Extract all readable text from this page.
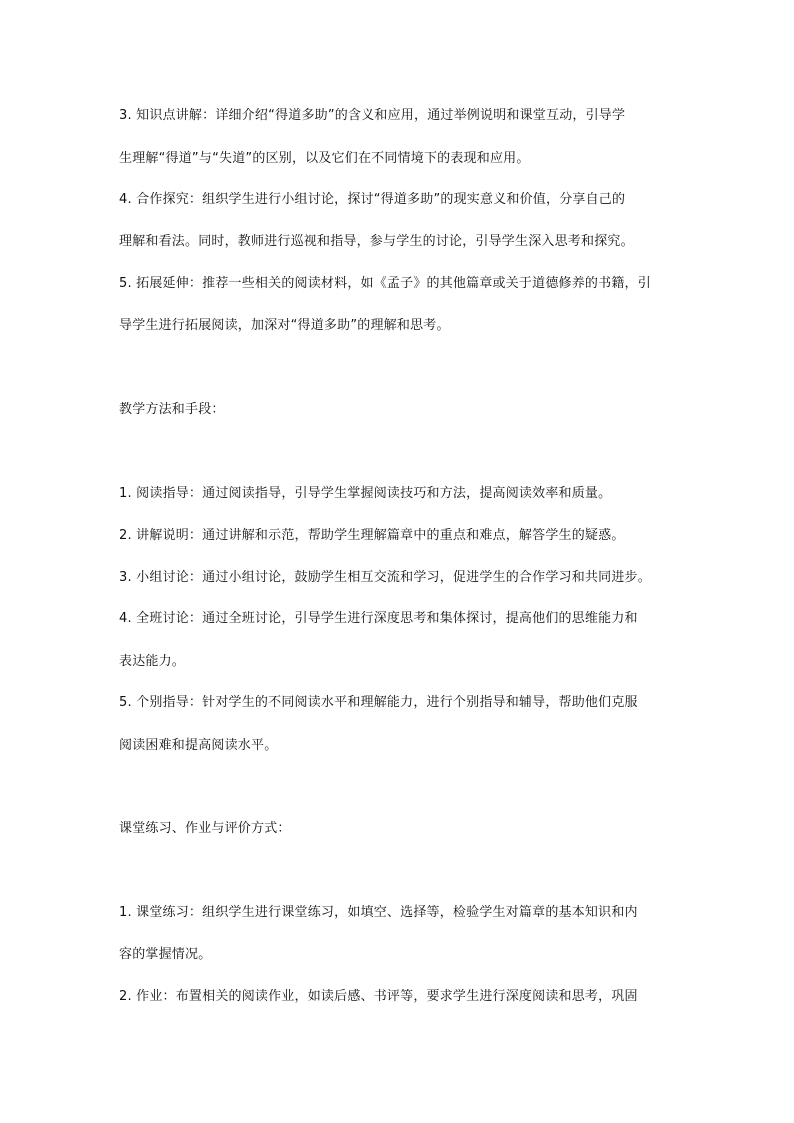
3. 知识点讲解：详细介绍“得道多助”的含义和应用，通过举例说明和课堂互动，引导学
生理解“得道”与“失道”的区别，以及它们在不同情境下的表现和应用。
4. 合作探究：组织学生进行小组讨论，探讨“得道多助”的现实意义和价值，分享自己的
理解和看法。同时，教师进行巡视和指导，参与学生的讨论，引导学生深入思考和探究。
5. 拓展延伸：推荐一些相关的阅读材料，如《孟子》的其他篇章或关于道德修养的书籍，引
导学生进行拓展阅读，加深对“得道多助”的理解和思考。
教学方法和手段：
1. 阅读指导：通过阅读指导，引导学生掌握阅读技巧和方法，提高阅读效率和质量。
2. 讲解说明：通过讲解和示范，帮助学生理解篇章中的重点和难点，解答学生的疑惑。
3. 小组讨论：通过小组讨论，鼓励学生相互交流和学习，促进学生的合作学习和共同进步。
4. 全班讨论：通过全班讨论，引导学生进行深度思考和集体探讨，提高他们的思维能力和
表达能力。
5. 个别指导：针对学生的不同阅读水平和理解能力，进行个别指导和辅导，帮助他们克服
阅读困难和提高阅读水平。
课堂练习、作业与评价方式：
1. 课堂练习：组织学生进行课堂练习，如填空、选择等，检验学生对篇章的基本知识和内
容的掌握情况。
2. 作业：布置相关的阅读作业，如读后感、书评等，要求学生进行深度阅读和思考，巩固
